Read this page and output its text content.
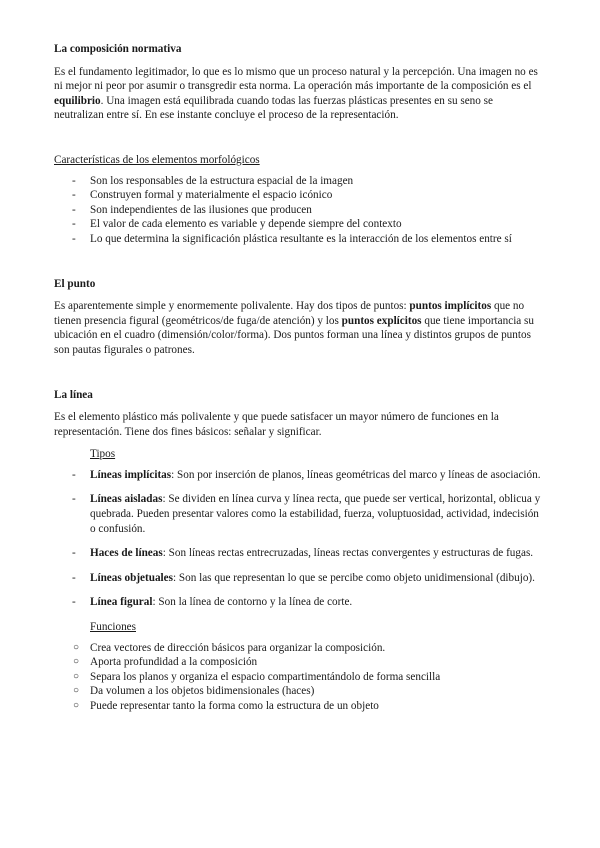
La composición normativa

Es el fundamento legitimador, lo que es lo mismo que un proceso natural y la percepción. Una imagen no es ni mejor ni peor por asumir o transgredir esta norma. La operación más importante de la composición es el equilibrio. Una imagen está equilibrada cuando todas las fuerzas plásticas presentes en su seno se neutralizan entre sí. En ese instante concluye el proceso de la representación.

Características de los elementos morfológicos

- Son los responsables de la estructura espacial de la imagen
- Construyen formal y materialmente el espacio icónico
- Son independientes de las ilusiones que producen
- El valor de cada elemento es variable y depende siempre del contexto
- Lo que determina la significación plástica resultante es la interacción de los elementos entre sí

El punto

Es aparentemente simple y enormemente polivalente. Hay dos tipos de puntos: puntos implícitos que no tienen presencia figural (geométricos/de fuga/de atención) y los puntos explícitos que tiene importancia su ubicación en el cuadro (dimensión/color/forma). Dos puntos forman una línea y distintos grupos de puntos son pautas figurales o patrones.

La línea

Es el elemento plástico más polivalente y que puede satisfacer un mayor número de funciones en la representación. Tiene dos fines básicos: señalar y significar.

Tipos

- Líneas implícitas: Son por inserción de planos, líneas geométricas del marco y líneas de asociación.
- Líneas aisladas: Se dividen en línea curva y línea recta, que puede ser vertical, horizontal, oblicua y quebrada. Pueden presentar valores como la estabilidad, fuerza, voluptuosidad, actividad, indecisión o confusión.
- Haces de líneas: Son líneas rectas entrecruzadas, líneas rectas convergentes y estructuras de fugas.
- Líneas objetuales: Son las que representan lo que se percibe como objeto unidimensional (dibujo).
- Línea figural: Son la línea de contorno y la línea de corte.

Funciones

○ Crea vectores de dirección básicos para organizar la composición.
○ Aporta profundidad a la composición
○ Separa los planos y organiza el espacio compartimentándolo de forma sencilla
○ Da volumen a los objetos bidimensionales (haces)
○ Puede representar tanto la forma como la estructura de un objeto
